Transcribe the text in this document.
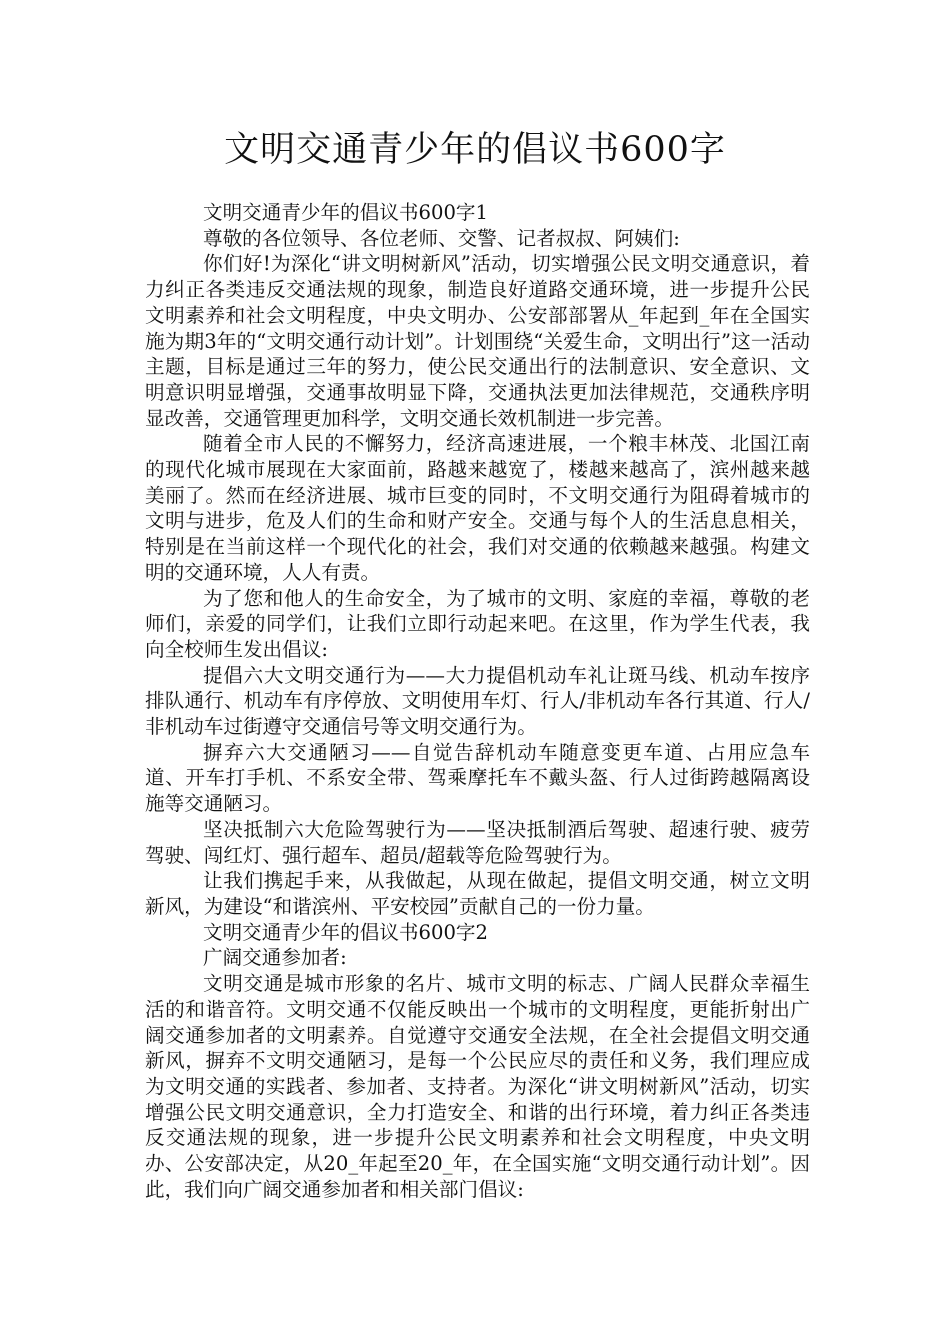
文明交通青少年的倡议书600字

文明交通青少年的倡议书600字1

尊敬的各位领导、各位老师、交警、记者叔叔、阿姨们:

你们好!为深化“讲文明树新风”活动，切实增强公民文明交通意识，着力纠正各类违反交通法规的现象，制造良好道路交通环境，进一步提升公民文明素养和社会文明程度，中央文明办、公安部部署从_年起到_年在全国实施为期3年的“文明交通行动计划”。计划围绕“关爱生命，文明出行”这一活动主题，目标是通过三年的努力，使公民交通出行的法制意识、安全意识、文明意识明显增强，交通事故明显下降，交通执法更加法律规范，交通秩序明显改善，交通管理更加科学，文明交通长效机制进一步完善。

随着全市人民的不懈努力，经济高速进展，一个粮丰林茂、北国江南的现代化城市展现在大家面前，路越来越宽了，楼越来越高了，滨州越来越美丽了。然而在经济进展、城市巨变的同时，不文明交通行为阻碍着城市的文明与进步，危及人们的生命和财产安全。交通与每个人的生活息息相关，特别是在当前这样一个现代化的社会，我们对交通的依赖越来越强。构建文明的交通环境，人人有责。

为了您和他人的生命安全，为了城市的文明、家庭的幸福，尊敬的老师们，亲爱的同学们，让我们立即行动起来吧。在这里，作为学生代表，我向全校师生发出倡议:

提倡六大文明交通行为——大力提倡机动车礼让斑马线、机动车按序排队通行、机动车有序停放、文明使用车灯、行人/非机动车各行其道、行人/非机动车过街遵守交通信号等文明交通行为。

摒弃六大交通陋习——自觉告辞机动车随意变更车道、占用应急车道、开车打手机、不系安全带、驾乘摩托车不戴头盔、行人过街跨越隔离设施等交通陋习。

坚决抵制六大危险驾驶行为——坚决抵制酒后驾驶、超速行驶、疲劳驾驶、闯红灯、强行超车、超员/超载等危险驾驶行为。

让我们携起手来，从我做起，从现在做起，提倡文明交通，树立文明新风，为建设“和谐滨州、平安校园”贡献自己的一份力量。

文明交通青少年的倡议书600字2

广阔交通参加者:

文明交通是城市形象的名片、城市文明的标志、广阔人民群众幸福生活的和谐音符。文明交通不仅能反映出一个城市的文明程度，更能折射出广阔交通参加者的文明素养。自觉遵守交通安全法规，在全社会提倡文明交通新风，摒弃不文明交通陋习，是每一个公民应尽的责任和义务，我们理应成为文明交通的实践者、参加者、支持者。为深化“讲文明树新风”活动，切实增强公民文明交通意识，全力打造安全、和谐的出行环境，着力纠正各类违反交通法规的现象，进一步提升公民文明素养和社会文明程度，中央文明办、公安部决定，从20_年起至20_年，在全国实施“文明交通行动计划”。因此，我们向广阔交通参加者和相关部门倡议:
